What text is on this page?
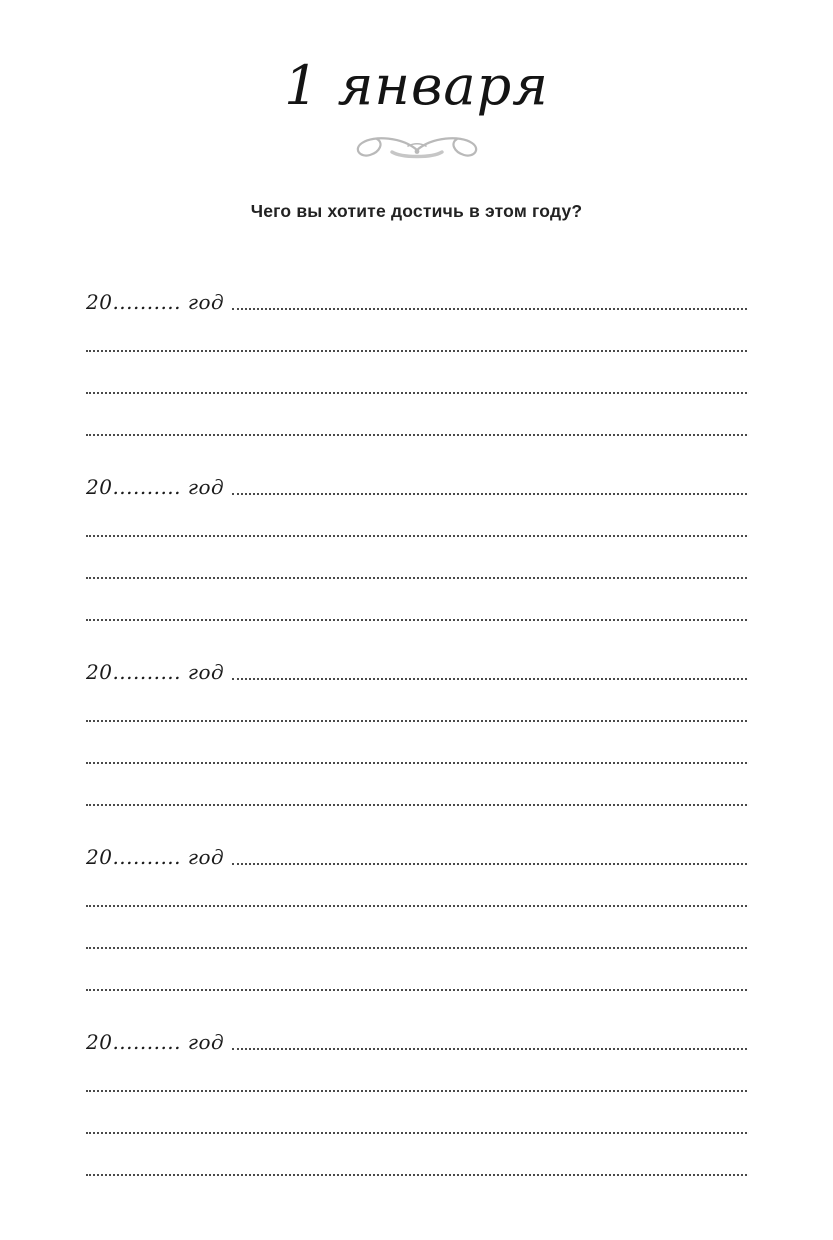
1 января
Чего вы хотите достичь в этом году?
20.......... год
20.......... год
20.......... год
20.......... год
20.......... год
